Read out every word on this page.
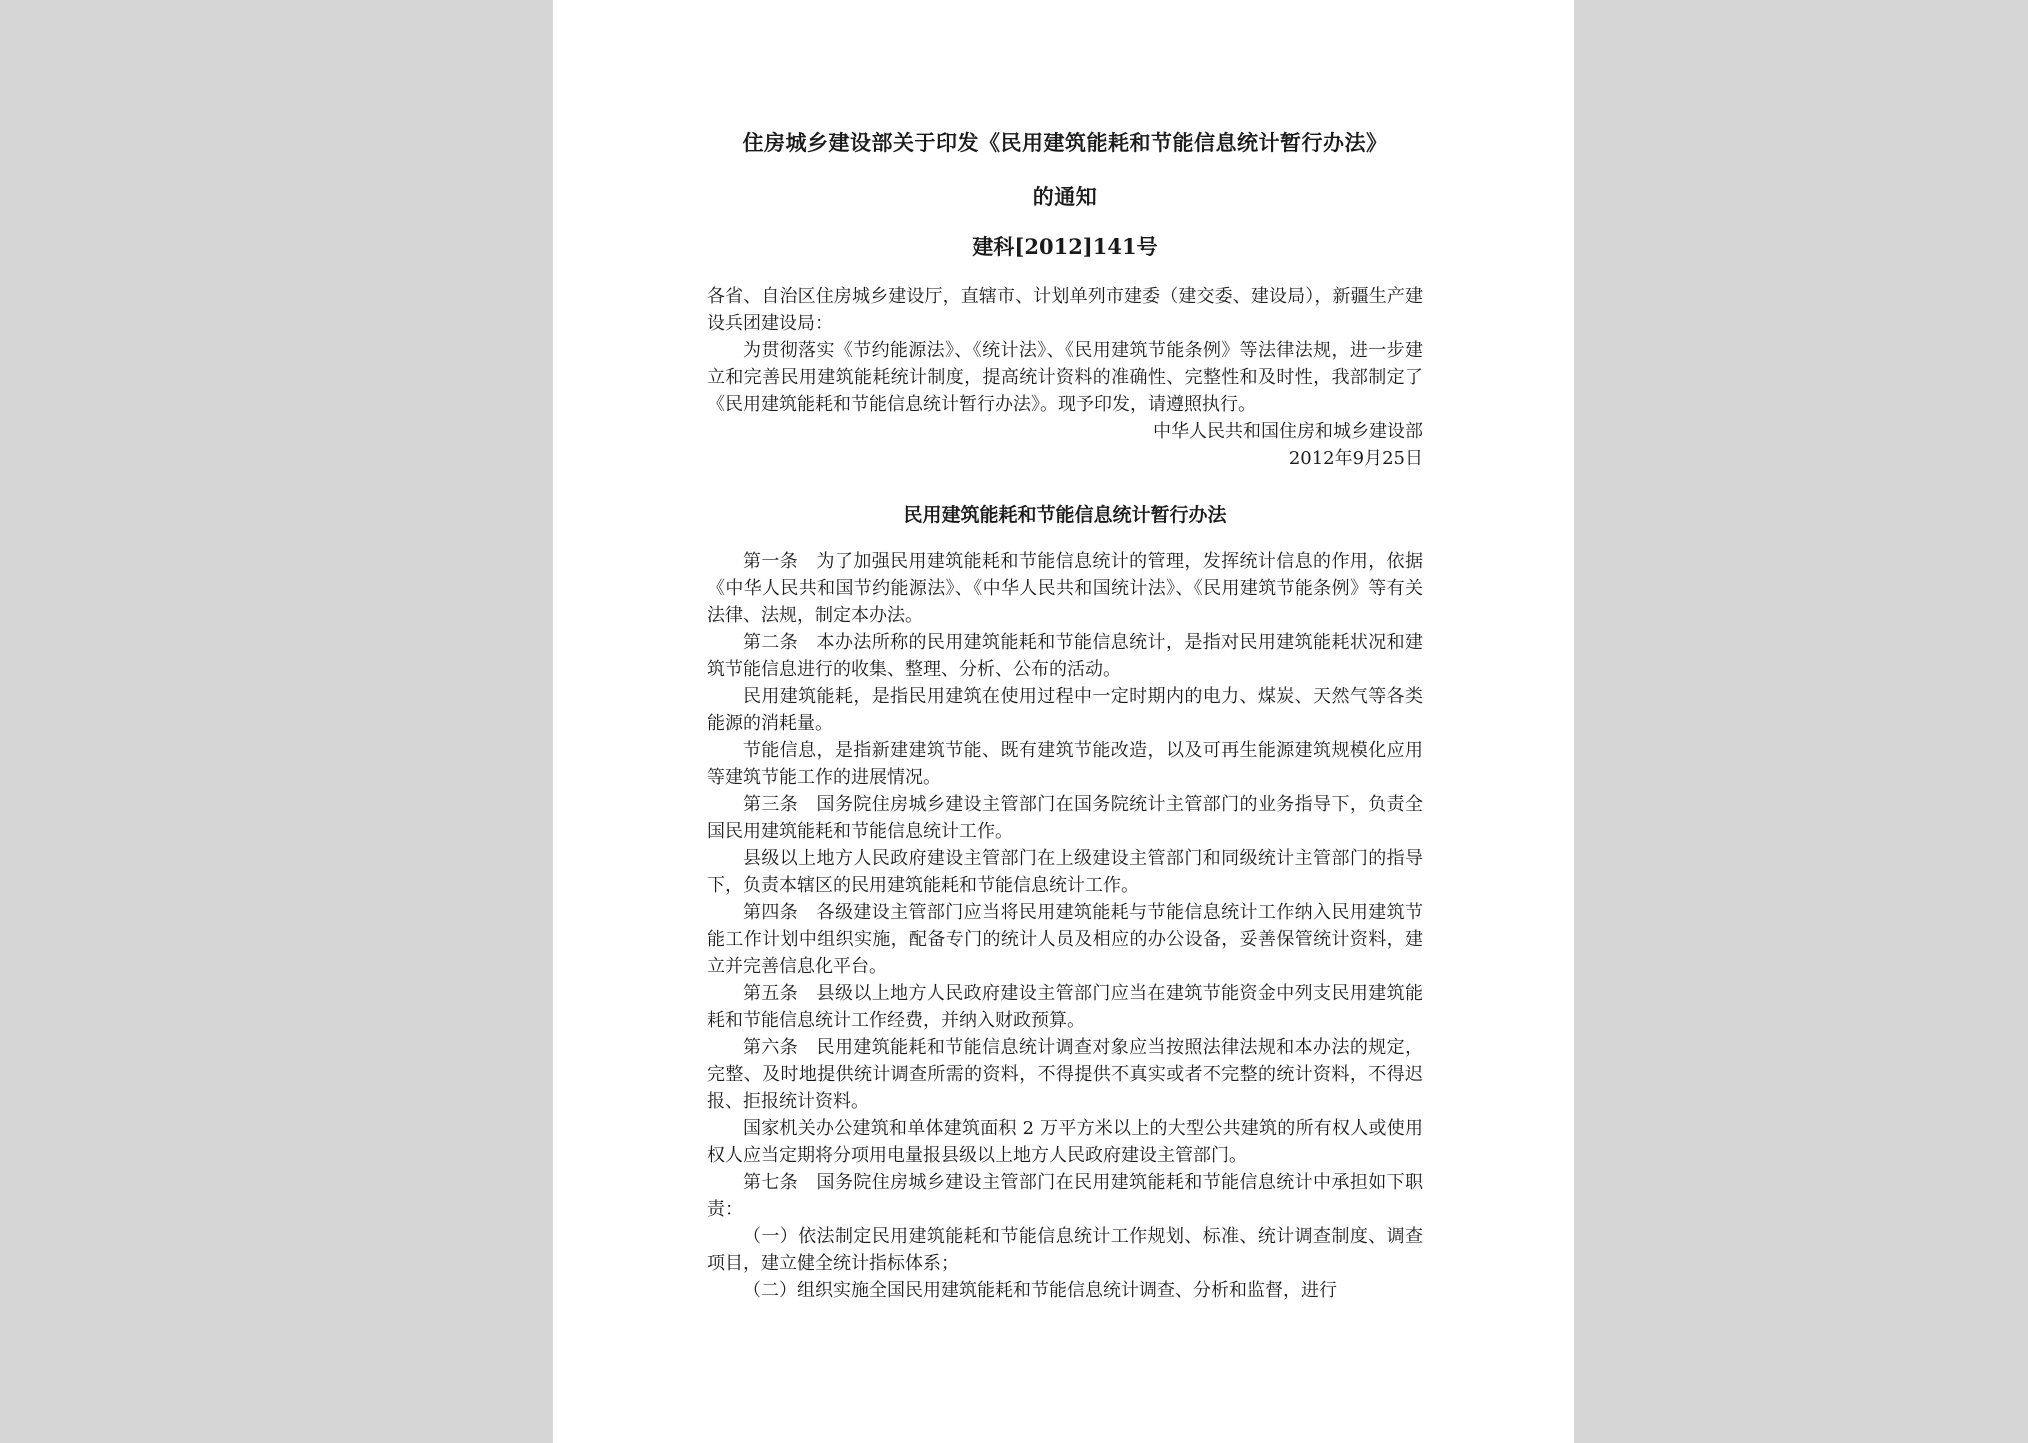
住房城乡建设部关于印发《民用建筑能耗和节能信息统计暂行办法》

的通知

建科[2012]141号

各省、自治区住房城乡建设厅，直辖市、计划单列市建委（建交委、建设局），新疆生产建设兵团建设局：

为贯彻落实《节约能源法》、《统计法》、《民用建筑节能条例》等法律法规，进一步建立和完善民用建筑能耗统计制度，提高统计资料的准确性、完整性和及时性，我部制定了《民用建筑能耗和节能信息统计暂行办法》。现予印发，请遵照执行。

中华人民共和国住房和城乡建设部

2012年9月25日

民用建筑能耗和节能信息统计暂行办法

第一条　为了加强民用建筑能耗和节能信息统计的管理，发挥统计信息的作用，依据《中华人民共和国节约能源法》、《中华人民共和国统计法》、《民用建筑节能条例》等有关法律、法规，制定本办法。

第二条　本办法所称的民用建筑能耗和节能信息统计，是指对民用建筑能耗状况和建筑节能信息进行的收集、整理、分析、公布的活动。

民用建筑能耗，是指民用建筑在使用过程中一定时期内的电力、煤炭、天然气等各类能源的消耗量。

节能信息，是指新建建筑节能、既有建筑节能改造，以及可再生能源建筑规模化应用等建筑节能工作的进展情况。

第三条　国务院住房城乡建设主管部门在国务院统计主管部门的业务指导下，负责全国民用建筑能耗和节能信息统计工作。

县级以上地方人民政府建设主管部门在上级建设主管部门和同级统计主管部门的指导下，负责本辖区的民用建筑能耗和节能信息统计工作。

第四条　各级建设主管部门应当将民用建筑能耗与节能信息统计工作纳入民用建筑节能工作计划中组织实施，配备专门的统计人员及相应的办公设备，妥善保管统计资料，建立并完善信息化平台。

第五条　县级以上地方人民政府建设主管部门应当在建筑节能资金中列支民用建筑能耗和节能信息统计工作经费，并纳入财政预算。

第六条　民用建筑能耗和节能信息统计调查对象应当按照法律法规和本办法的规定，完整、及时地提供统计调查所需的资料，不得提供不真实或者不完整的统计资料，不得迟报、拒报统计资料。

国家机关办公建筑和单体建筑面积 2 万平方米以上的大型公共建筑的所有权人或使用权人应当定期将分项用电量报县级以上地方人民政府建设主管部门。

第七条　国务院住房城乡建设主管部门在民用建筑能耗和节能信息统计中承担如下职责：

（一）依法制定民用建筑能耗和节能信息统计工作规划、标准、统计调查制度、调查项目，建立健全统计指标体系；

（二）组织实施全国民用建筑能耗和节能信息统计调查、分析和监督，进行
